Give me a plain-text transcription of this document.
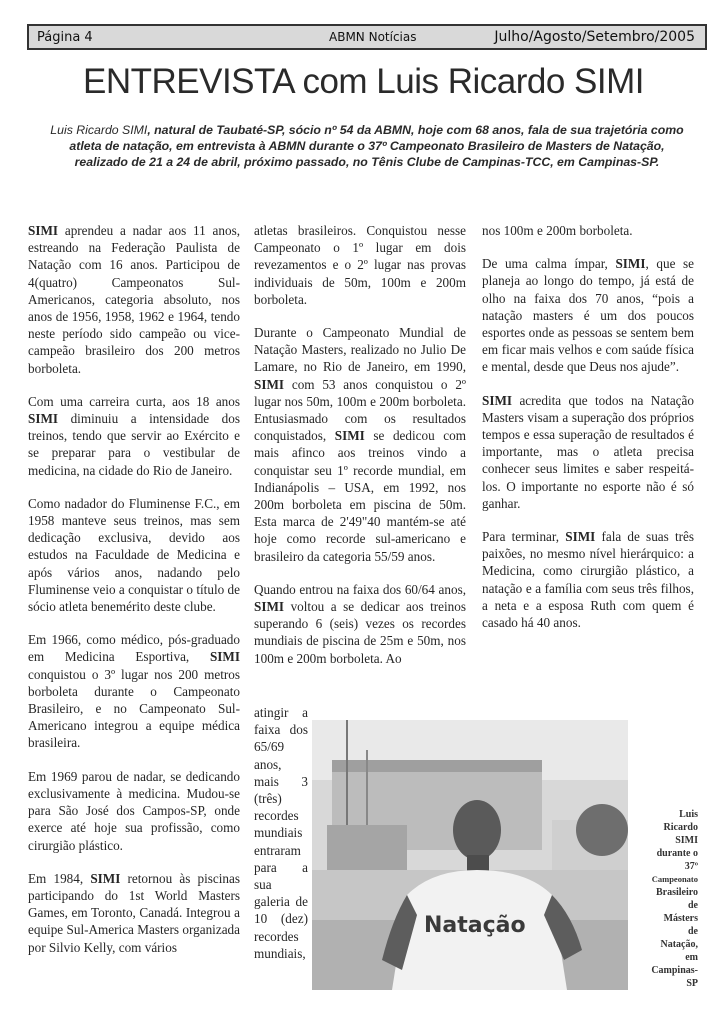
Página 4	ABMN Notícias	Julho/Agosto/Setembro/2005
ENTREVISTA com Luis Ricardo SIMI
Luis Ricardo SIMI, natural de Taubaté-SP, sócio nº 54 da ABMN, hoje com 68 anos, fala de sua trajetória como atleta de natação, em entrevista à ABMN durante o 37º Campeonato Brasileiro de Masters de Natação, realizado de 21 a 24 de abril, próximo passado, no Tênis Clube de Campinas-TCC, em Campinas-SP.

SIMI aprendeu a nadar aos 11 anos, estreando na Federação Paulista de Natação com 16 anos. Participou de 4(quatro) Campeonatos Sul-Americanos, categoria absoluto, nos anos de 1956, 1958, 1962 e 1964, tendo neste período sido campeão ou vice-campeão brasileiro dos 200 metros borboleta.

Com uma carreira curta, aos 18 anos SIMI diminuiu a intensidade dos treinos, tendo que servir ao Exército e se preparar para o vestibular de medicina, na cidade do Rio de Janeiro.

Como nadador do Fluminense F.C., em 1958 manteve seus treinos, mas sem dedicação exclusiva, devido aos estudos na Faculdade de Medicina e após vários anos, nadando pelo Fluminense veio a conquistar o título de sócio atleta benemérito deste clube.

Em 1966, como médico, pós-graduado em Medicina Esportiva, SIMI conquistou o 3º lugar nos 200 metros borboleta durante o Campeonato Brasileiro, e no Campeonato Sul-Americano integrou a equipe médica brasileira.

Em 1969 parou de nadar, se dedicando exclusivamente à medicina. Mudou-se para São José dos Campos-SP, onde exerce até hoje sua profissão, como cirurgião plástico.

Em 1984, SIMI retornou às piscinas participando do 1st World Masters Games, em Toronto, Canadá. Integrou a equipe Sul-America Masters organizada por Silvio Kelly, com vários

atletas brasileiros. Conquistou nesse Campeonato o 1º lugar em dois revezamentos e o 2º lugar nas provas individuais de 50m, 100m e 200m borboleta.

Durante o Campeonato Mundial de Natação Masters, realizado no Julio De Lamare, no Rio de Janeiro, em 1990, SIMI com 53 anos conquistou o 2º lugar nos 50m, 100m e 200m borboleta. Entusiasmado com os resultados conquistados, SIMI se dedicou com mais afinco aos treinos vindo a conquistar seu 1º recorde mundial, em Indianápolis – USA, em 1992, nos 200m borboleta em piscina de 50m. Esta marca de 2'49"40 mantém-se até hoje como recorde sul-americano e brasileiro da categoria 55/59 anos.

Quando entrou na faixa dos 60/64 anos, SIMI voltou a se dedicar aos treinos superando 6 (seis) vezes os recordes mundiais de piscina de 25m e 50m, nos 100m e 200m borboleta. Ao

atingir a
faixa dos
65/69
anos,
mais 3
(três)
recordes
mundiais
entraram
para a
sua
galeria de
10 (dez)
recordes
mundiais,

nos 100m e 200m borboleta.

De uma calma ímpar, SIMI, que se planeja ao longo do tempo, já está de olho na faixa dos 70 anos, “pois a natação masters é um dos poucos esportes onde as pessoas se sentem bem em ficar mais velhos e com saúde física e mental, desde que Deus nos ajude”.

SIMI acredita que todos na Natação Masters visam a superação dos próprios tempos e essa superação de resultados é importante, mas o atleta precisa conhecer seus limites e saber respeitá-los. O importante no esporte não é só ganhar.

Para terminar, SIMI fala de suas três paixões, no mesmo nível hierárquico: a Medicina, como cirurgião plástico, a natação e a família com seus três filhos, a neta e a esposa Ruth com quem é casado há 40 anos.

Natação
Luis
Ricardo
SIMI
durante o
37º
Campeonato
Brasileiro
de
Másters
de
Natação,
em
Campinas-
SP
